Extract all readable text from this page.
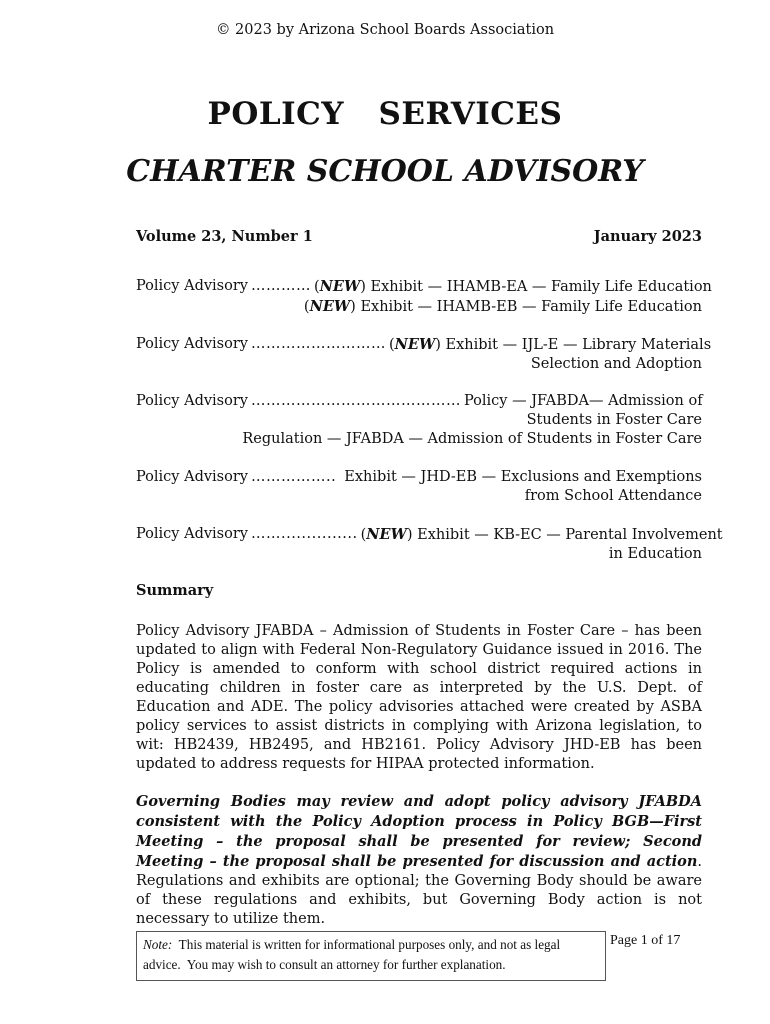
© 2023 by Arizona School Boards Association
POLICY  SERVICES
CHARTER SCHOOL ADVISORY
Volume 23, Number 1	January 2023
Policy Advisory ………… (NEW) Exhibit — IHAMB-EA — Family Life Education
(NEW) Exhibit — IHAMB-EB — Family Life Education
Policy Advisory ……………………… (NEW) Exhibit — IJL-E — Library Materials
Selection and Adoption
Policy Advisory …………………………………… Policy — JFABDA— Admission of
Students in Foster Care
Regulation — JFABDA — Admission of Students in Foster Care
Policy Advisory …………….. Exhibit — JHD-EB — Exclusions and Exemptions
from School Attendance
Policy Advisory ……............... (NEW) Exhibit — KB-EC — Parental Involvement
in Education
Summary
Policy Advisory JFABDA – Admission of Students in Foster Care – has been updated to align with Federal Non-Regulatory Guidance issued in 2016. The Policy is amended to conform with school district required actions in educating children in foster care as interpreted by the U.S. Dept. of Education and ADE. The policy advisories attached were created by ASBA policy services to assist districts in complying with Arizona legislation, to wit: HB2439, HB2495, and HB2161. Policy Advisory JHD-EB has been updated to address requests for HIPAA protected information.
Governing Bodies may review and adopt policy advisory JFABDA consistent with the Policy Adoption process in Policy BGB—First Meeting – the proposal shall be presented for review; Second Meeting – the proposal shall be presented for discussion and action. Regulations and exhibits are optional; the Governing Body should be aware of these regulations and exhibits, but Governing Body action is not necessary to utilize them.
Note:  This material is written for informational purposes only, and not as legal advice.  You may wish to consult an attorney for further explanation.
Page 1 of 17
